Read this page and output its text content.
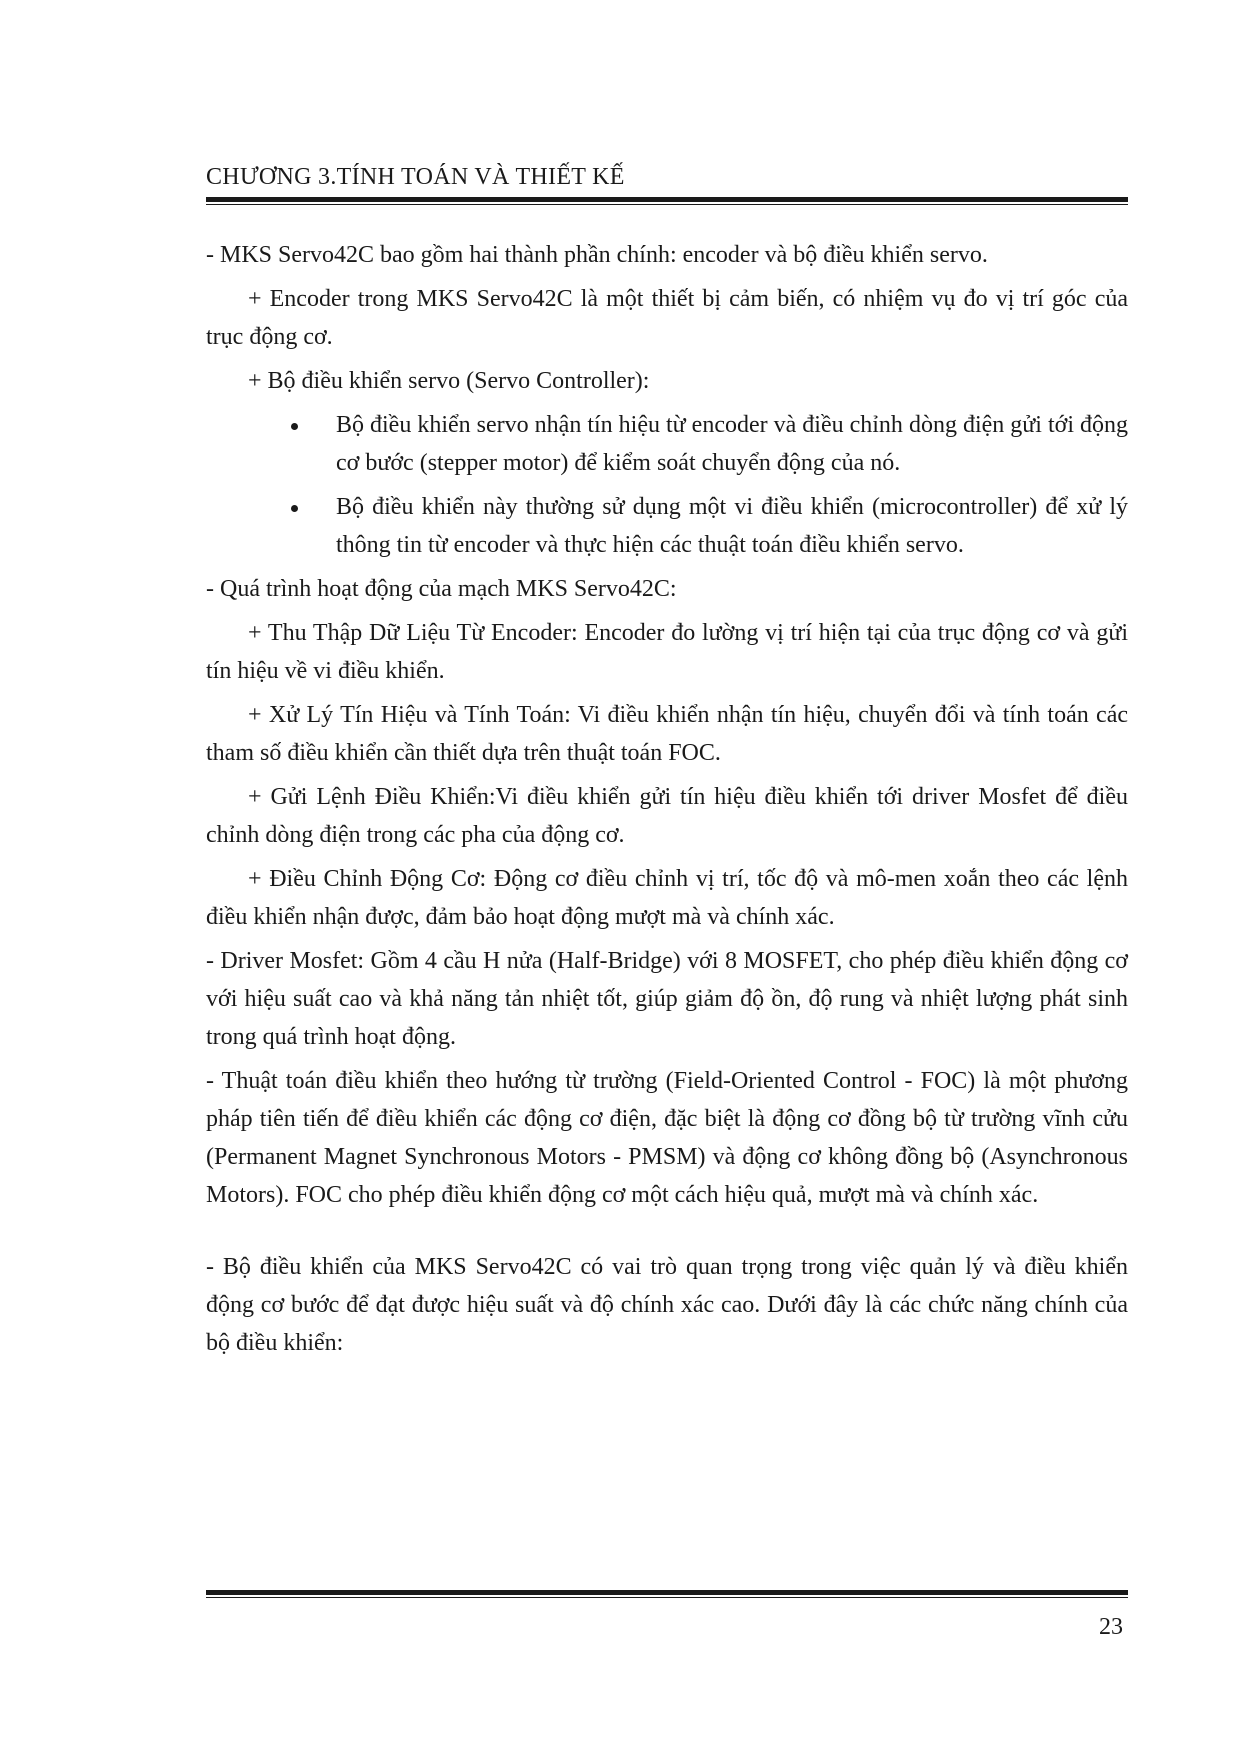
CHƯƠNG 3.TÍNH TOÁN VÀ THIẾT KẾ

- MKS Servo42C bao gồm hai thành phần chính: encoder và bộ điều khiển servo.

+ Encoder trong MKS Servo42C là một thiết bị cảm biến, có nhiệm vụ đo vị trí góc của trục động cơ.

+ Bộ điều khiển servo (Servo Controller):

Bộ điều khiển servo nhận tín hiệu từ encoder và điều chỉnh dòng điện gửi tới động cơ bước (stepper motor) để kiểm soát chuyển động của nó.
Bộ điều khiển này thường sử dụng một vi điều khiển (microcontroller) để xử lý thông tin từ encoder và thực hiện các thuật toán điều khiển servo.

- Quá trình hoạt động của mạch MKS Servo42C:

+ Thu Thập Dữ Liệu Từ Encoder: Encoder đo lường vị trí hiện tại của trục động cơ và gửi tín hiệu về vi điều khiển.

+ Xử Lý Tín Hiệu và Tính Toán: Vi điều khiển nhận tín hiệu, chuyển đổi và tính toán các tham số điều khiển cần thiết dựa trên thuật toán FOC.

+ Gửi Lệnh Điều Khiển:Vi điều khiển gửi tín hiệu điều khiển tới driver Mosfet để điều chỉnh dòng điện trong các pha của động cơ.

+ Điều Chỉnh Động Cơ: Động cơ điều chỉnh vị trí, tốc độ và mô-men xoắn theo các lệnh điều khiển nhận được, đảm bảo hoạt động mượt mà và chính xác.

- Driver Mosfet: Gồm 4 cầu H nửa (Half-Bridge) với 8 MOSFET, cho phép điều khiển động cơ với hiệu suất cao và khả năng tản nhiệt tốt, giúp giảm độ ồn, độ rung và nhiệt lượng phát sinh trong quá trình hoạt động.

- Thuật toán điều khiển theo hướng từ trường (Field-Oriented Control - FOC) là một phương pháp tiên tiến để điều khiển các động cơ điện, đặc biệt là động cơ đồng bộ từ trường vĩnh cửu (Permanent Magnet Synchronous Motors - PMSM) và động cơ không đồng bộ (Asynchronous Motors). FOC cho phép điều khiển động cơ một cách hiệu quả, mượt mà và chính xác.

- Bộ điều khiển của MKS Servo42C có vai trò quan trọng trong việc quản lý và điều khiển động cơ bước để đạt được hiệu suất và độ chính xác cao. Dưới đây là các chức năng chính của bộ điều khiển:

23
